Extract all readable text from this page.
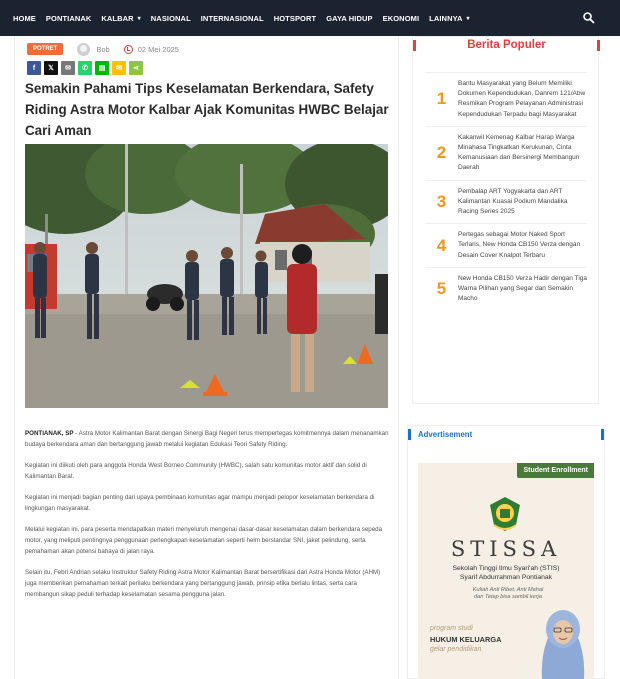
HOME PONTIANAK KALBAR ▾ NASIONAL INTERNASIONAL HOTSPORT GAYA HIDUP EKONOMI LAINNYA ▾
POTRET	Bob	02 Mei 2025
f	𝕏	✉	✆	▤	✉	⋖
Semakin Pahami Tips Keselamatan Berkendara, Safety Riding Astra Motor Kalbar Ajak Komunitas HWBC Belajar Cari Aman

PONTIANAK, SP - Astra Motor Kalimantan Barat dengan Sinergi Bagi Negeri terus mempertegas komitmennya dalam menanamkan budaya berkendara aman dan bertanggung jawab melalui kegiatan Edukasi Teori Safety Riding.

Kegiatan ini diikuti oleh para anggota Honda West Borneo Community (HWBC), salah satu komunitas motor aktif dan solid di Kalimantan Barat.

Kegiatan ini menjadi bagian penting dari upaya pembinaan komunitas agar mampu menjadi pelopor keselamatan berkendara di lingkungan masyarakat.

Melalui kegiatan ini, para peserta mendapatkan materi menyeluruh mengenai dasar-dasar keselamatan dalam berkendara sepeda motor, yang meliputi pentingnya penggunaan perlengkapan keselamatan seperti helm berstandar SNI, jaket pelindung, serta pemahaman akan potensi bahaya di jalan raya.

Selain itu, Febri Andrian selaku Instruktur Safety Riding Astra Motor Kalimantan Barat bersertifikasi dari Astra Honda Motor (AHM) juga memberikan pemahaman terkait perilaku berkendara yang bertanggung jawab, prinsip etika berlalu lintas, serta cara membangun sikap peduli terhadap keselamatan sesama pengguna jalan.

Berita Populer
1
Bantu Masyarakat yang Belum Memiliki Dokumen Kependudukan, Danrem 121/Abw Resmikan Program Pelayanan Administrasi Kependudukan Terpadu bagi Masyarakat
2
Kakanwil Kemenag Kalbar Harap Warga Minahasa Tingkatkan Kerukunan, Cinta Kemanusiaan dan Bersinergi Membangun Daerah
3
Pembalap ART Yogyakarta dan ART Kalimantan Kuasai Podium Mandalika Racing Series 2025
4
Pertegas sebagai Motor Naked Sport Terlaris, New Honda CB150 Verza dengan Desain Cover Knalpot Terbaru
5
New Honda CB150 Verza Hadir dengan Tiga Warna Pilihan yang Segar dan Semakin Macho
Advertisement
Student Enrollment
STISSA
Sekolah Tinggi Ilmu Syari'ah (STIS)
Syarif Abdurrahman Pontianak
Kuliah Anti Ribet, Anti Mahal
dan Tetap bisa sambil kerja
program studi
HUKUM KELUARGA
gelar pendidikan
